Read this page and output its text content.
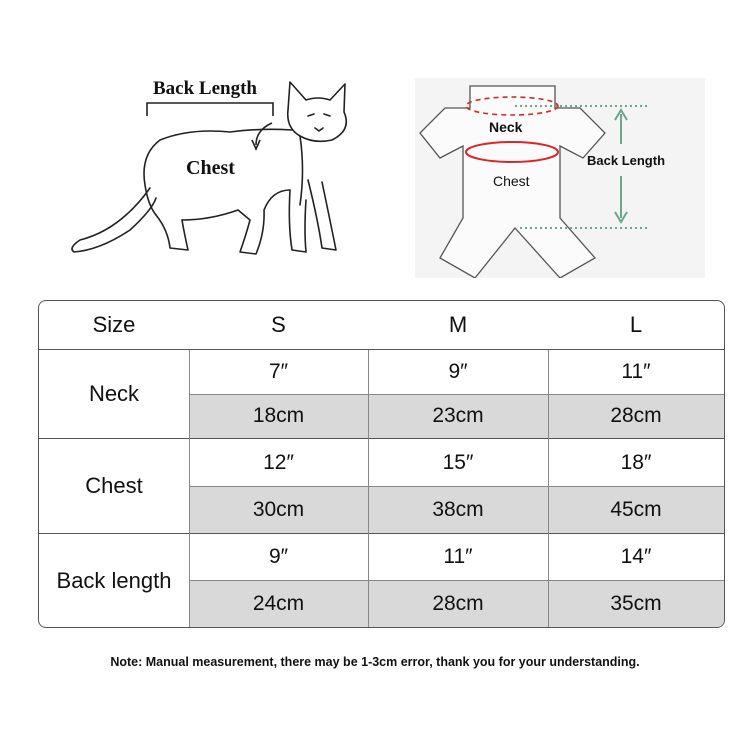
Back Length
Chest
Neck
Chest
Back Length
Size	S	M	L
Neck
7″	9″	11″
18cm	23cm	28cm
Chest
12″	15″	18″
30cm	38cm	45cm
Back length
9″	11″	14″
24cm	28cm	35cm
Note: Manual measurement, there may be 1-3cm error, thank you for your understanding.
